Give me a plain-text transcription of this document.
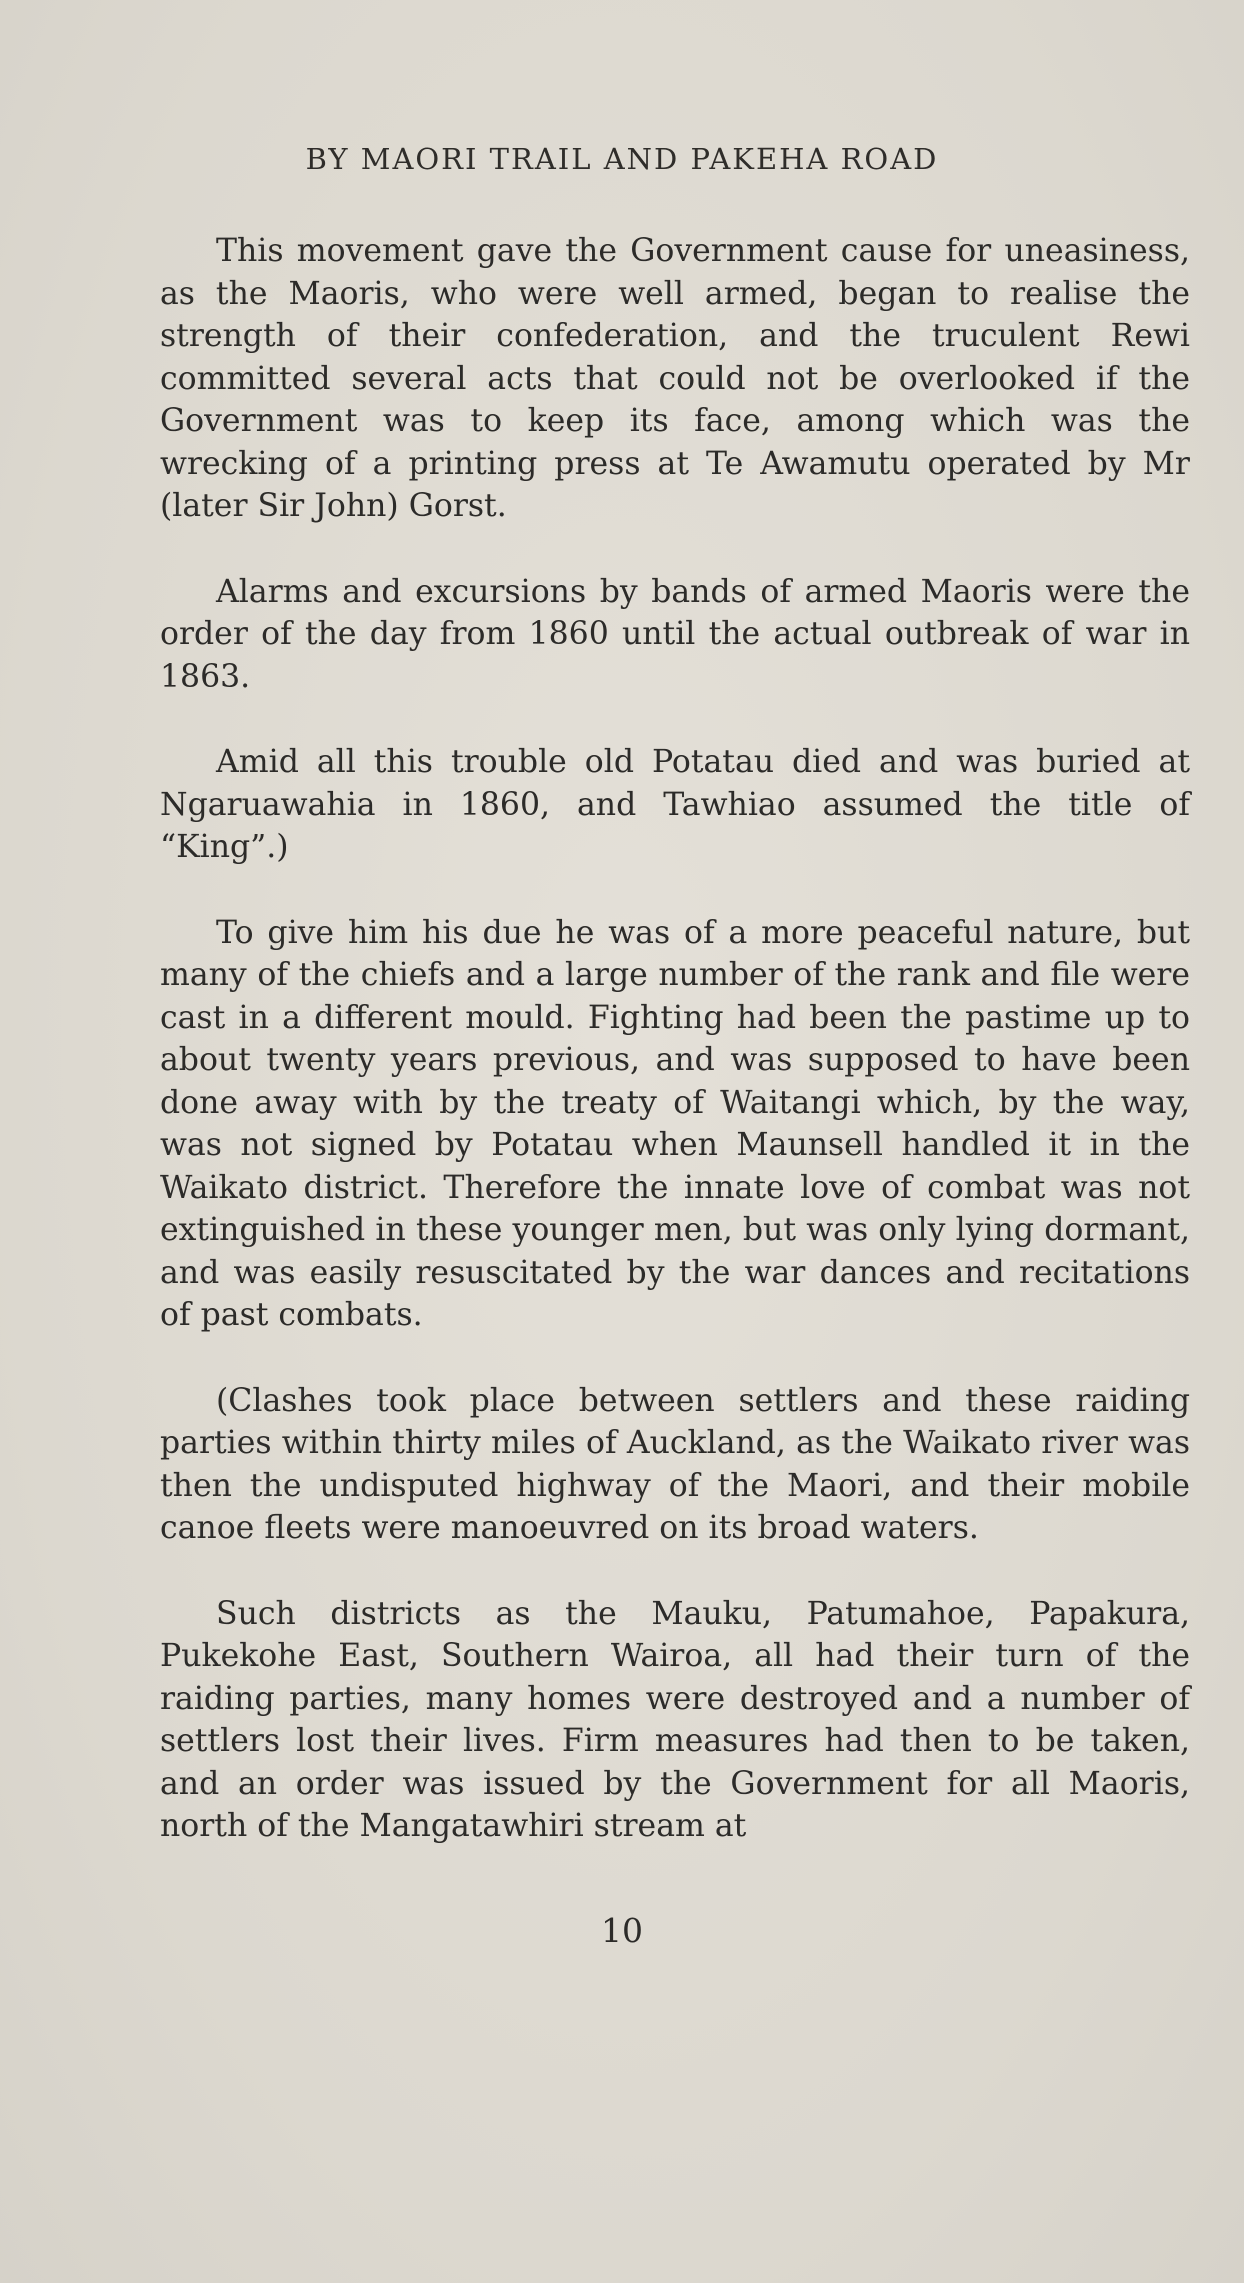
BY MAORI TRAIL AND PAKEHA ROAD

This movement gave the Government cause for uneasiness, as the Maoris, who were well armed, began to realise the strength of their confederation, and the truculent Rewi committed several acts that could not be overlooked if the Government was to keep its face, among which was the wrecking of a printing press at Te Awamutu operated by Mr (later Sir John) Gorst.

Alarms and excursions by bands of armed Maoris were the order of the day from 1860 until the actual outbreak of war in 1863.

Amid all this trouble old Potatau died and was buried at Ngaruawahia in 1860, and Tawhiao assumed the title of “King”.)

To give him his due he was of a more peaceful nature, but many of the chiefs and a large number of the rank and file were cast in a different mould. Fighting had been the pastime up to about twenty years previous, and was supposed to have been done away with by the treaty of Waitangi which, by the way, was not signed by Potatau when Maunsell handled it in the Waikato district. Therefore the innate love of combat was not extinguished in these younger men, but was only lying dormant, and was easily resuscitated by the war dances and recitations of past combats.

(Clashes took place between settlers and these raiding parties within thirty miles of Auckland, as the Waikato river was then the undisputed highway of the Maori, and their mobile canoe fleets were manoeuvred on its broad waters.

Such districts as the Mauku, Patumahoe, Papakura, Pukekohe East, Southern Wairoa, all had their turn of the raiding parties, many homes were destroyed and a number of settlers lost their lives. Firm measures had then to be taken, and an order was issued by the Government for all Maoris, north of the Mangatawhiri stream at

10
